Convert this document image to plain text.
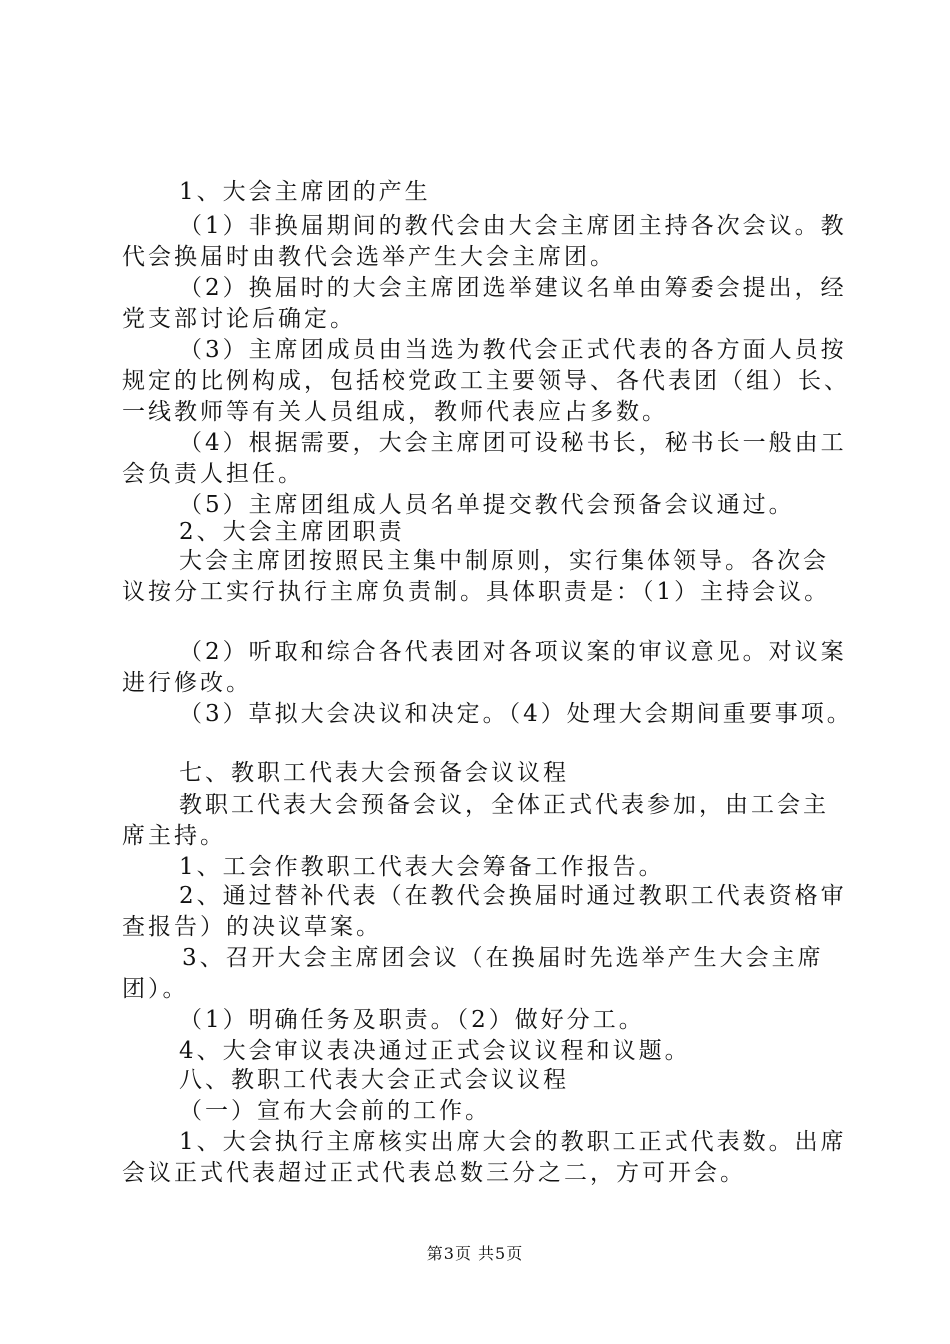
1、大会主席团的产生
（1）非换届期间的教代会由大会主席团主持各次会议。教
代会换届时由教代会选举产生大会主席团。
（2）换届时的大会主席团选举建议名单由筹委会提出，经
党支部讨论后确定。
（3）主席团成员由当选为教代会正式代表的各方面人员按
规定的比例构成，包括校党政工主要领导、各代表团（组）长、
一线教师等有关人员组成，教师代表应占多数。
（4）根据需要，大会主席团可设秘书长，秘书长一般由工
会负责人担任。
（5）主席团组成人员名单提交教代会预备会议通过。
2、大会主席团职责
大会主席团按照民主集中制原则，实行集体领导。各次会
议按分工实行执行主席负责制。具体职责是：（1）主持会议。
（2）听取和综合各代表团对各项议案的审议意见。对议案
进行修改。
（3）草拟大会决议和决定。（4）处理大会期间重要事项。
七、教职工代表大会预备会议议程
教职工代表大会预备会议，全体正式代表参加，由工会主
席主持。
1、工会作教职工代表大会筹备工作报告。
2、通过替补代表（在教代会换届时通过教职工代表资格审
查报告）的决议草案。
3、召开大会主席团会议（在换届时先选举产生大会主席
团）。
（1）明确任务及职责。（2）做好分工。
4、大会审议表决通过正式会议议程和议题。
八、教职工代表大会正式会议议程
（一）宣布大会前的工作。
1、大会执行主席核实出席大会的教职工正式代表数。出席
会议正式代表超过正式代表总数三分之二，方可开会。
第3页 共5页
